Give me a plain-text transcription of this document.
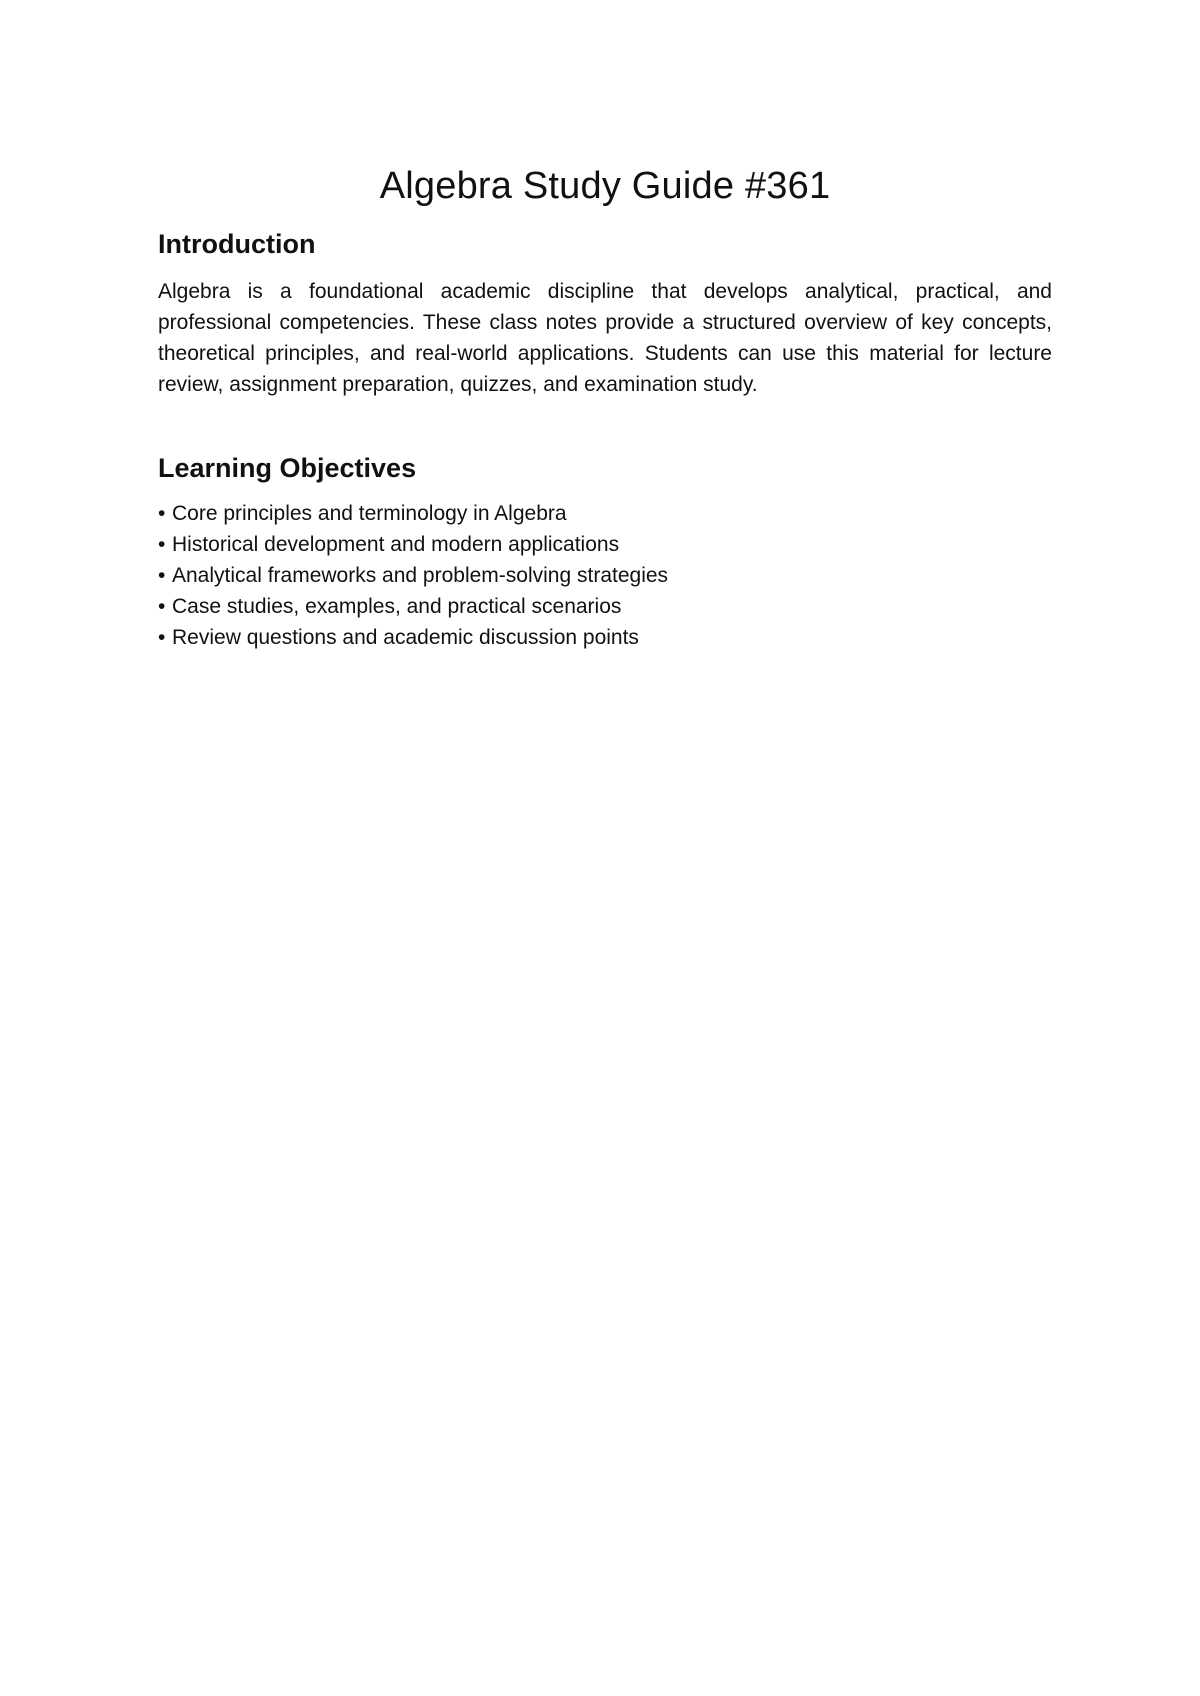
Algebra Study Guide #361
Introduction

Algebra is a foundational academic discipline that develops analytical, practical, and professional competencies. These class notes provide a structured overview of key concepts, theoretical principles, and real-world applications. Students can use this material for lecture review, assignment preparation, quizzes, and examination study.

Learning Objectives
• Core principles and terminology in Algebra
• Historical development and modern applications
• Analytical frameworks and problem-solving strategies
• Case studies, examples, and practical scenarios
• Review questions and academic discussion points
